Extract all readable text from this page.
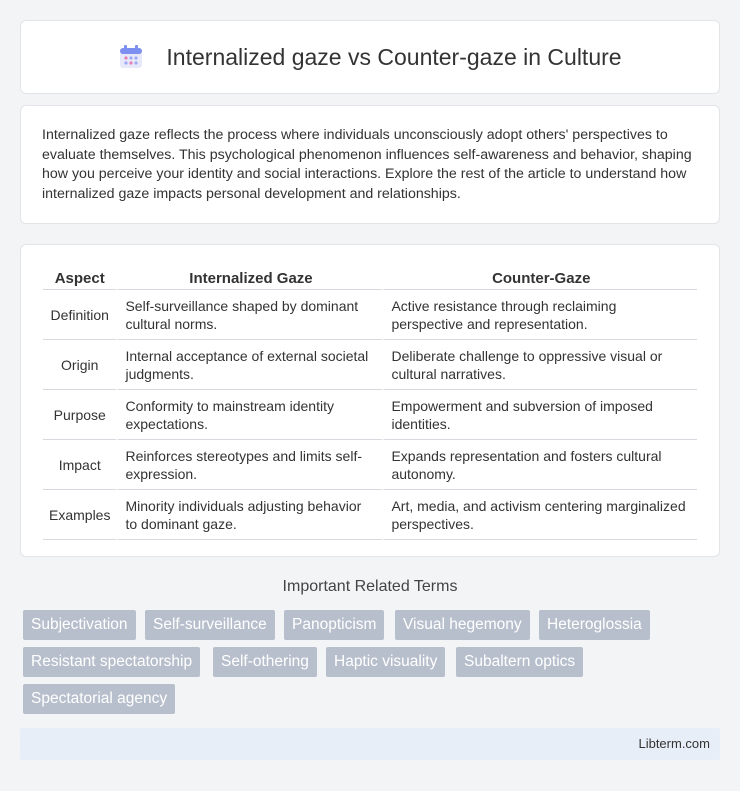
Internalized gaze vs Counter-gaze in Culture

Internalized gaze reflects the process where individuals unconsciously adopt others' perspectives to evaluate themselves. This psychological phenomenon influences self-awareness and behavior, shaping how you perceive your identity and social interactions. Explore the rest of the article to understand how internalized gaze impacts personal development and relationships.

Aspect	Internalized Gaze	Counter-Gaze
Definition	Self-surveillance shaped by dominant cultural norms.	Active resistance through reclaiming perspective and representation.
Origin	Internal acceptance of external societal judgments.	Deliberate challenge to oppressive visual or cultural narratives.
Purpose	Conformity to mainstream identity expectations.	Empowerment and subversion of imposed identities.
Impact	Reinforces stereotypes and limits self-expression.	Expands representation and fosters cultural autonomy.
Examples	Minority individuals adjusting behavior to dominant gaze.	Art, media, and activism centering marginalized perspectives.
Important Related Terms
Subjectivation	Self-surveillance	Panopticism	Visual hegemony	Heteroglossia
Resistant spectatorship	Self-othering	Haptic visuality	Subaltern optics
Spectatorial agency
Libterm.com
